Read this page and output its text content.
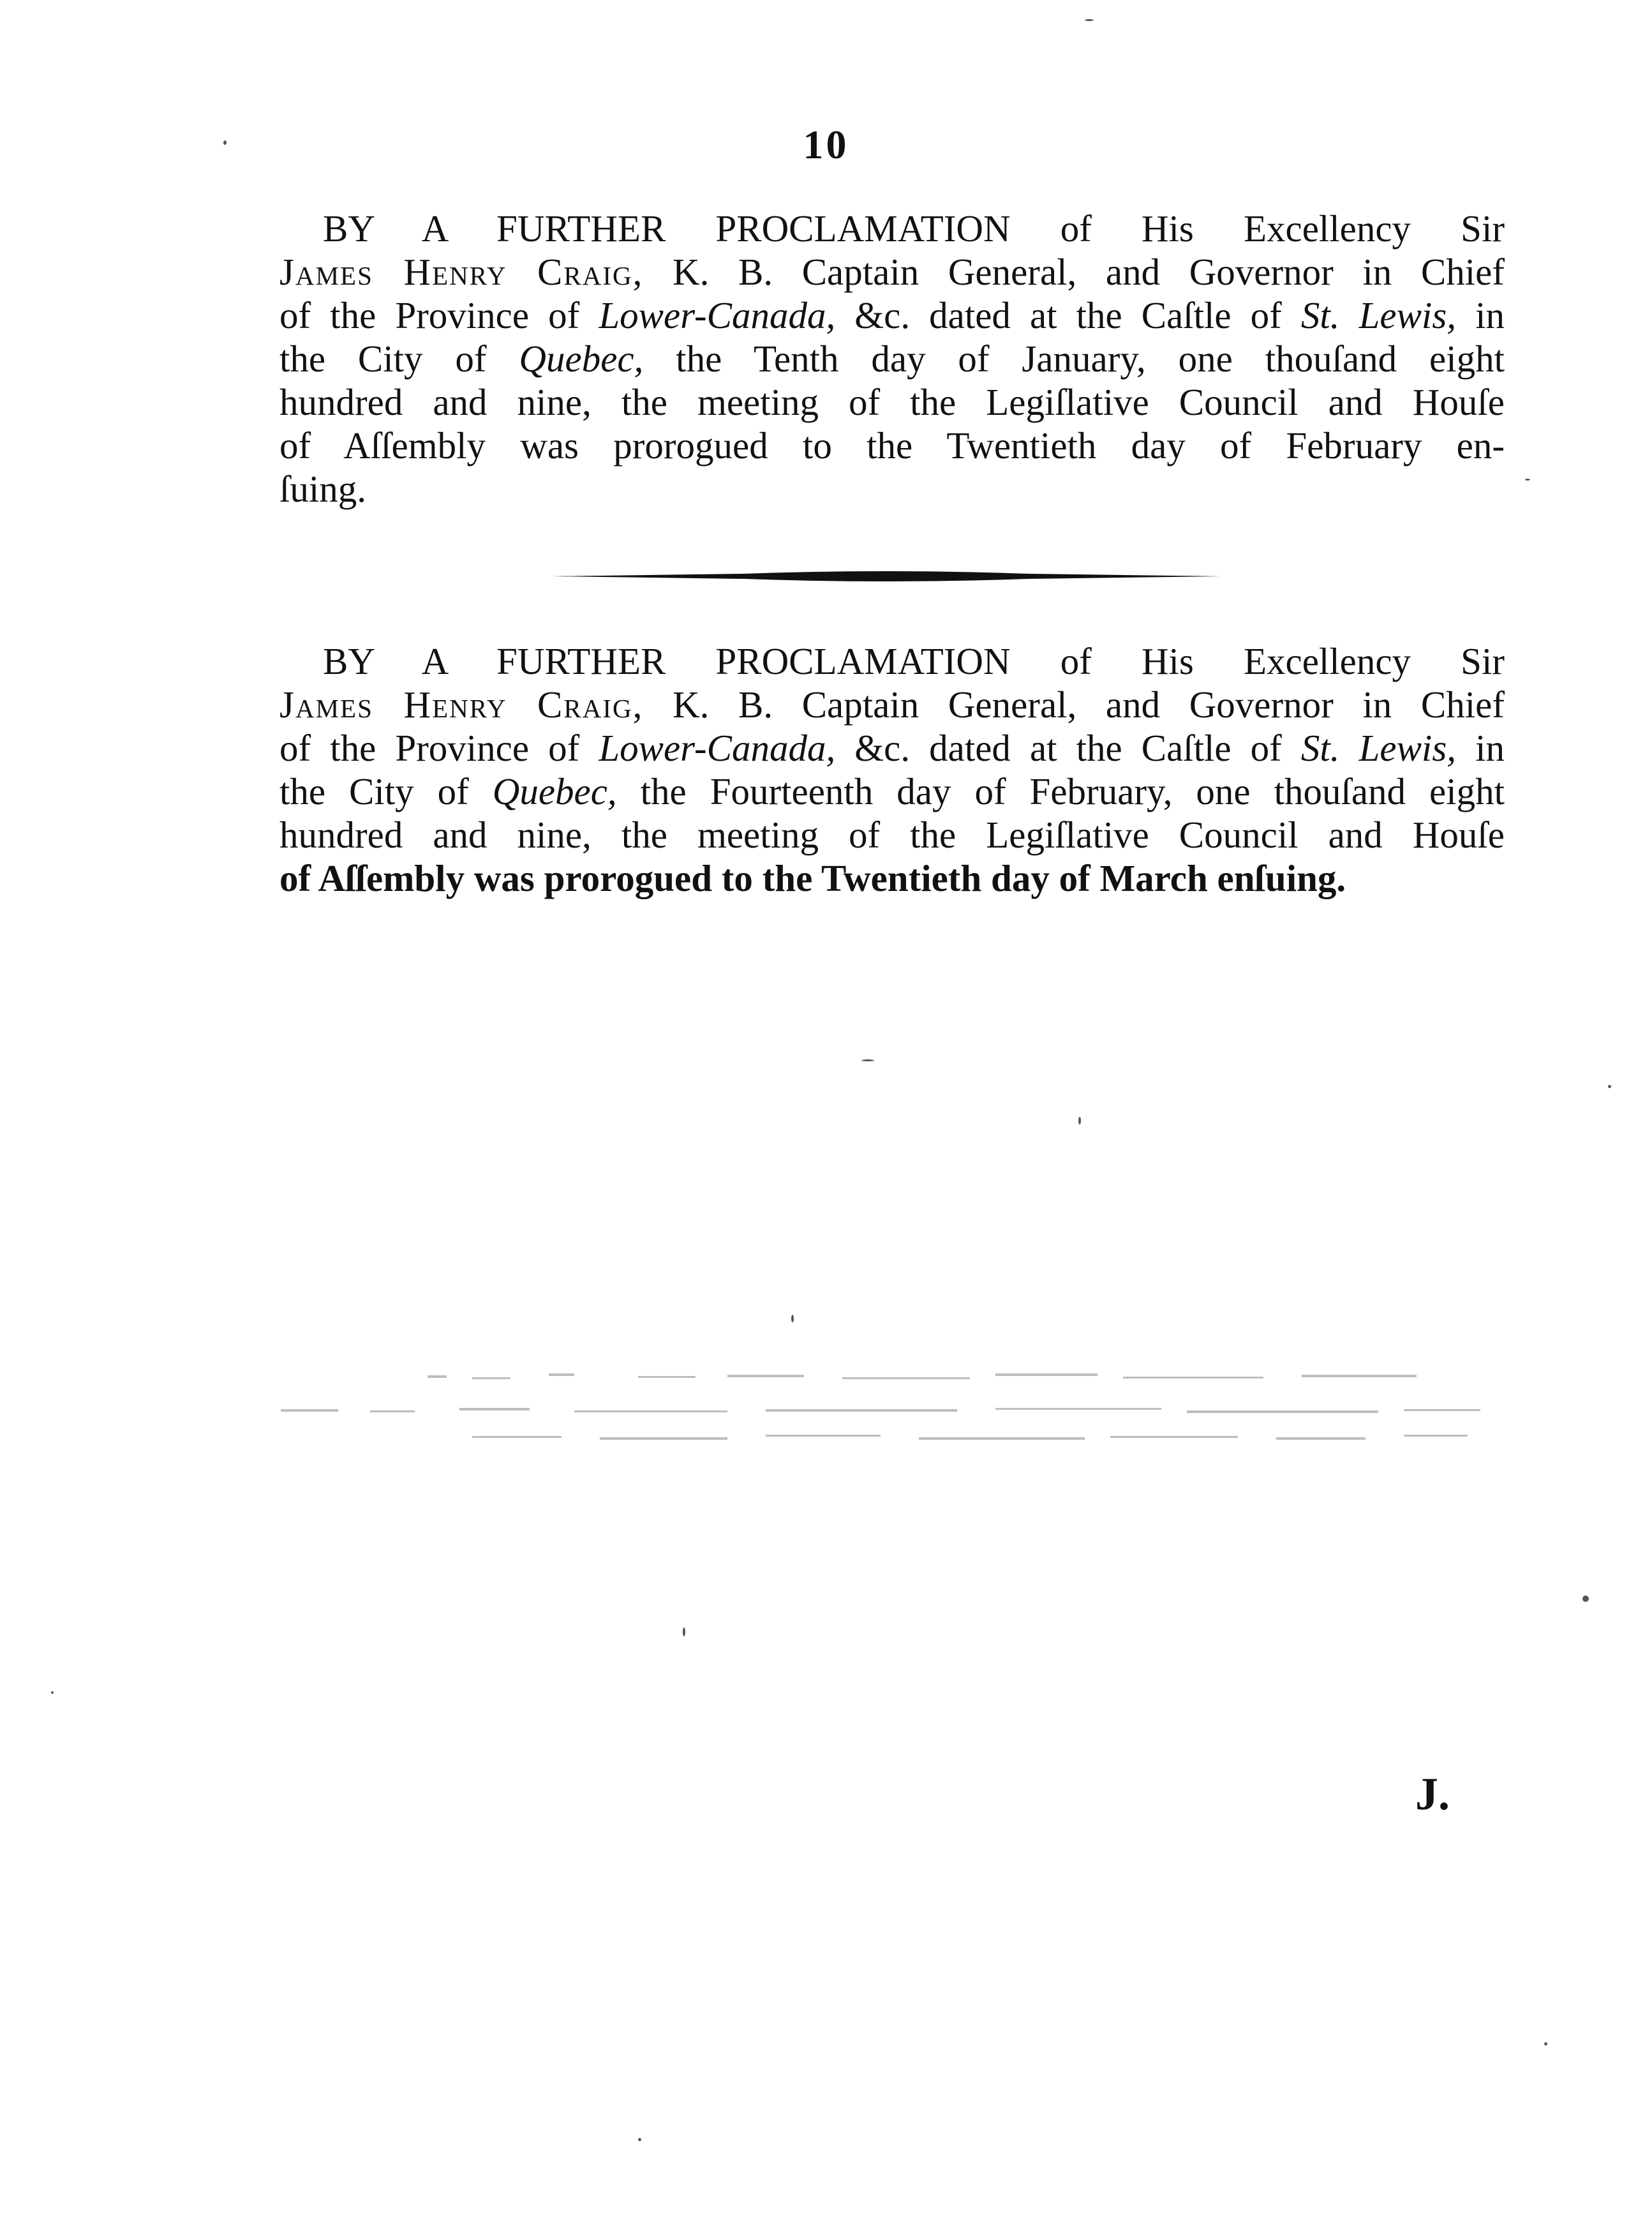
10
BY A FURTHER PROCLAMATION of His Excellency Sir
James Henry Craig, K. B. Captain General, and Governor in Chief
of the Province of Lower-Canada, &c. dated at the Caſtle of St. Lewis, in
the City of Quebec, the Tenth day of January, one thouſand eight
hundred and nine, the meeting of the Legiſlative Council and Houſe
of Aſſembly was prorogued to the Twentieth day of February en-
ſuing.
BY A FURTHER PROCLAMATION of His Excellency Sir
James Henry Craig, K. B. Captain General, and Governor in Chief
of the Province of Lower-Canada, &c. dated at the Caſtle of St. Lewis, in
the City of Quebec, the Fourteenth day of February, one thouſand eight
hundred and nine, the meeting of the Legiſlative Council and Houſe
of Aſſembly was prorogued to the Twentieth day of March enſuing.
J.
